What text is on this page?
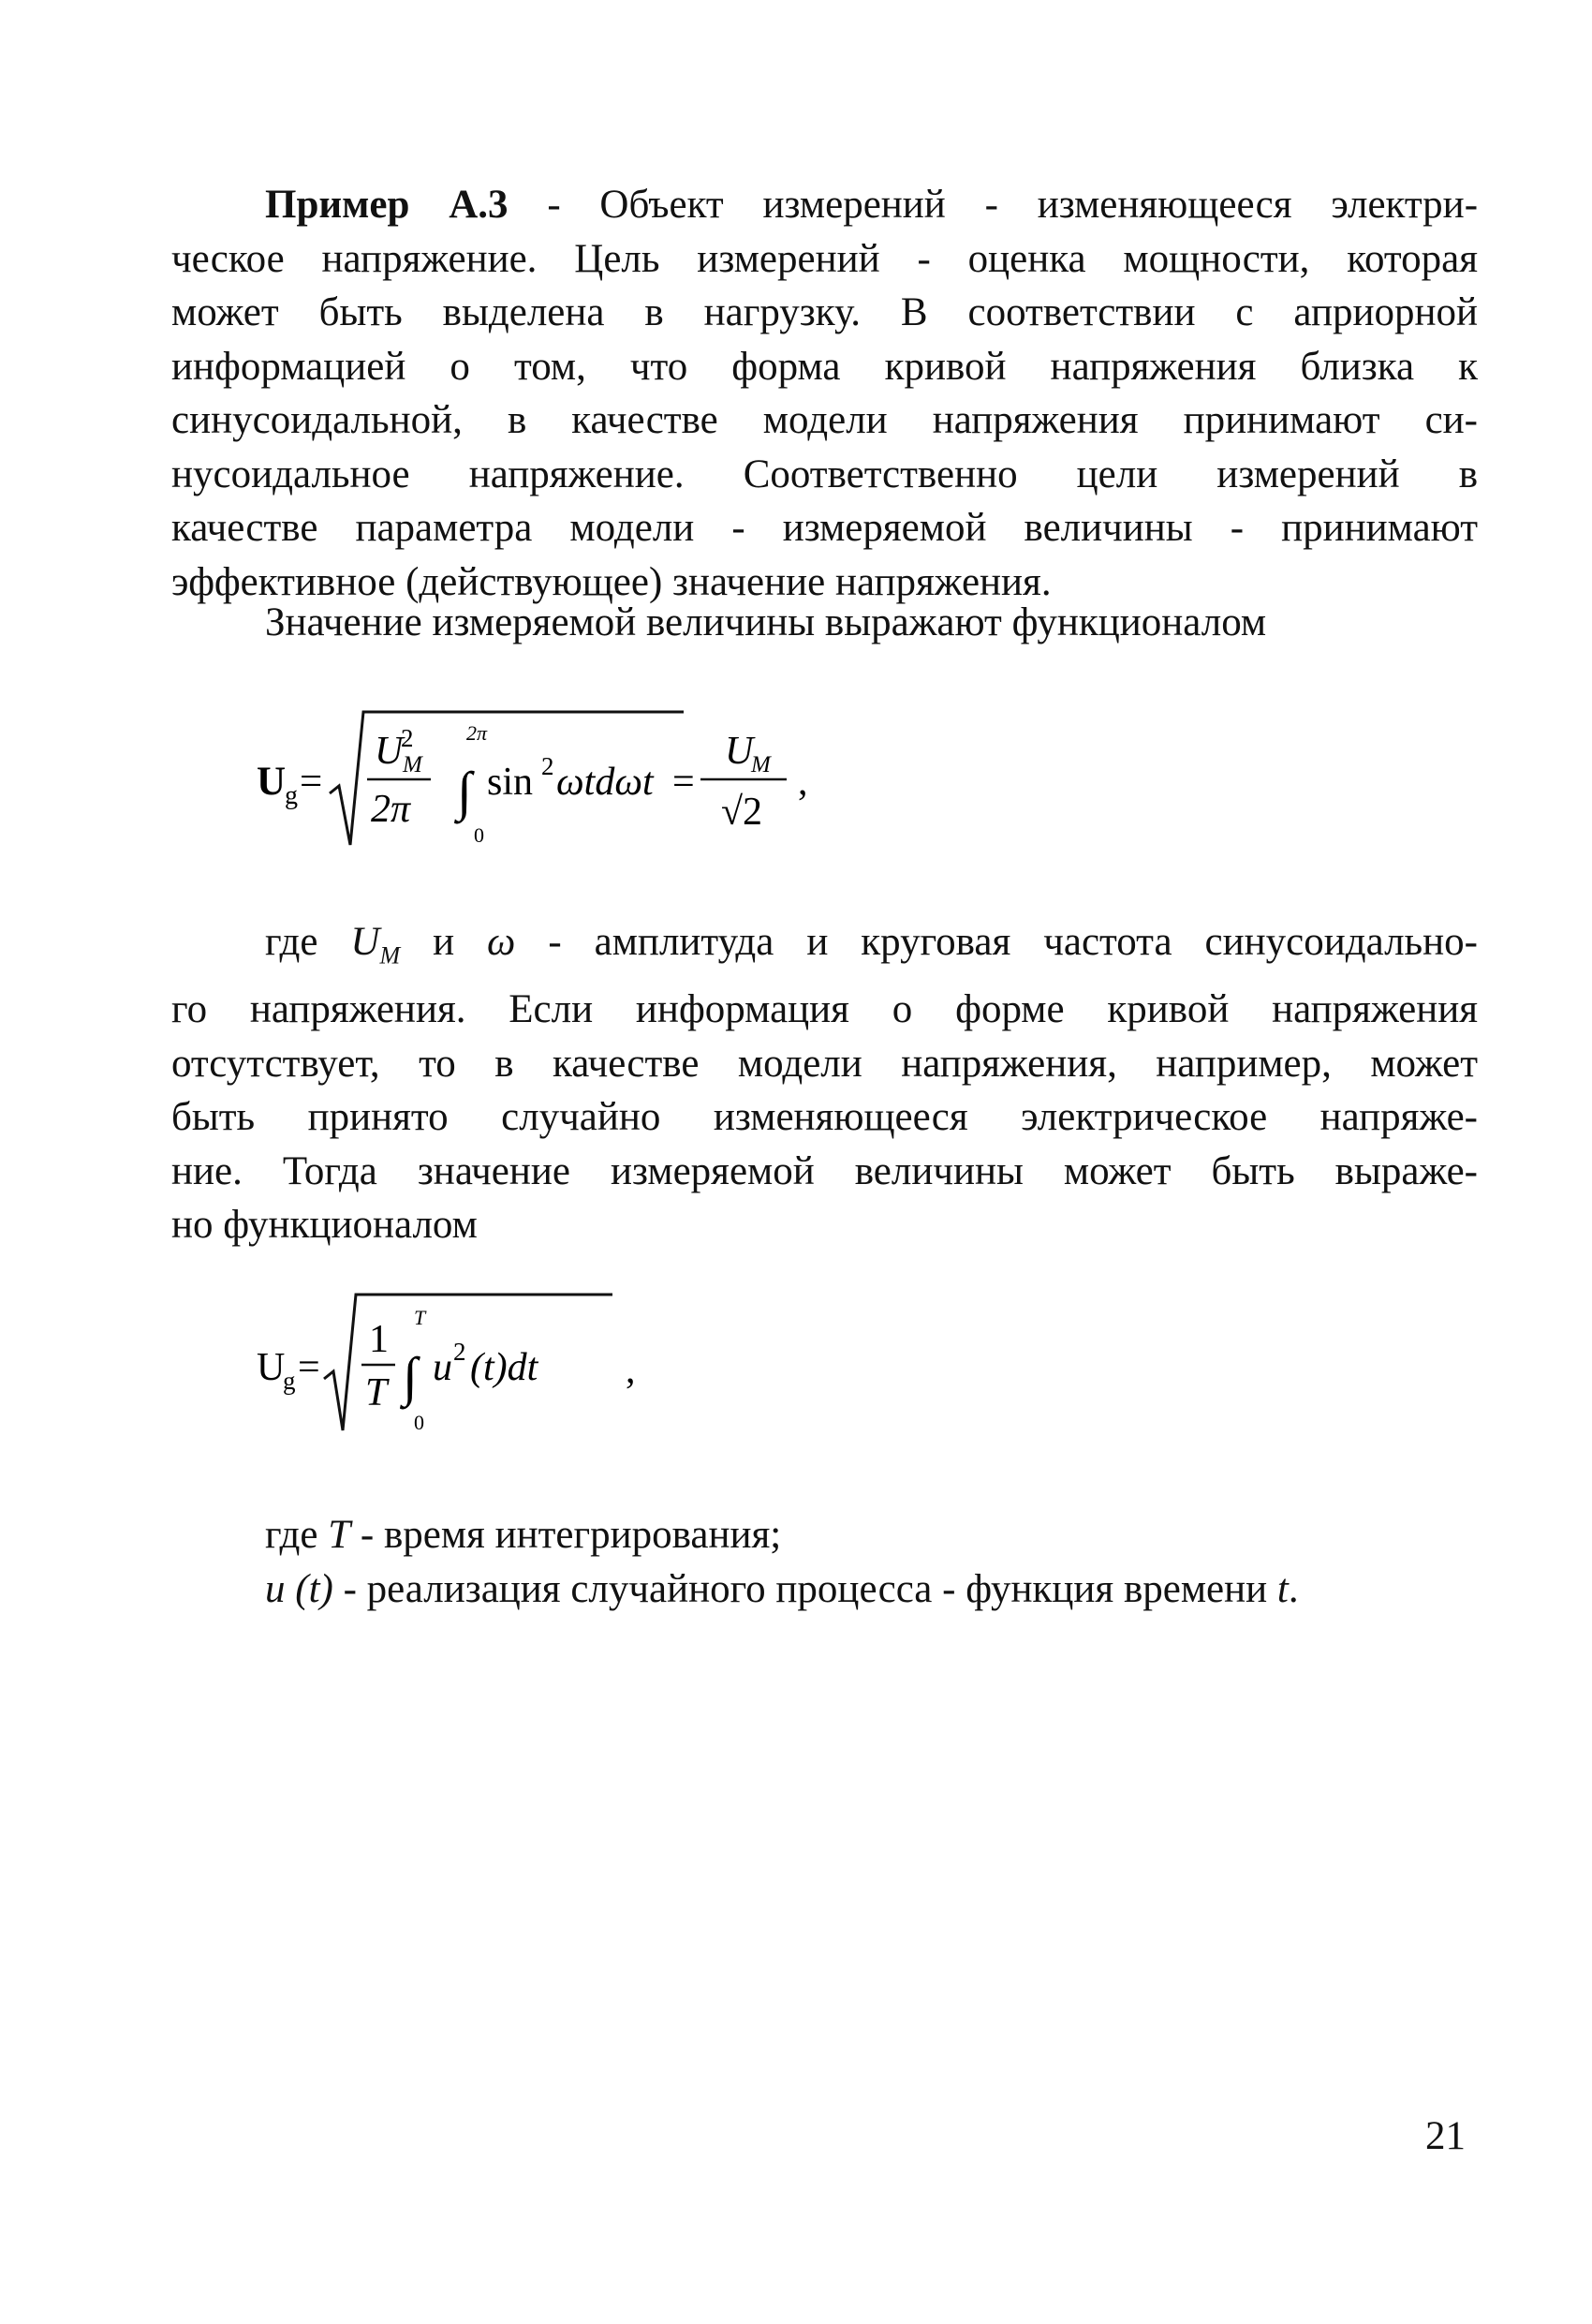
Пример А.3 - Объект измерений - изменяющееся электри-
ческое напряжение. Цель измерений - оценка мощности, которая
может быть выделена в нагрузку. В соответствии с априорной
информацией о том, что форма кривой напряжения близка к
синусоидальной, в качестве модели напряжения принимают си-
нусоидальное напряжение. Соответственно цели измерений в
качестве параметра модели - измеряемой величины - принимают
эффективное (действующее) значение напряжения.
Значение измеряемой величины выражают функционалом
U
g =
U
2
M
2π
2π
∫
0
sin 2 ωtdωt =
U
M
√2
,
где $U_M$ и ω - амплитуда и круговая частота синусоидально-
го напряжения. Если информация о форме кривой напряжения
отсутствует, то в качестве модели напряжения, например, может
быть принято случайно изменяющееся электрическое напряже-
ние. Тогда значение измеряемой величины может быть выраже-
но функционалом
U
g =
1
T
T
∫
0
u 2 (t)dt ,
где T - время интегрирования;
u (t) - реализация случайного процесса - функция времени t.
21
